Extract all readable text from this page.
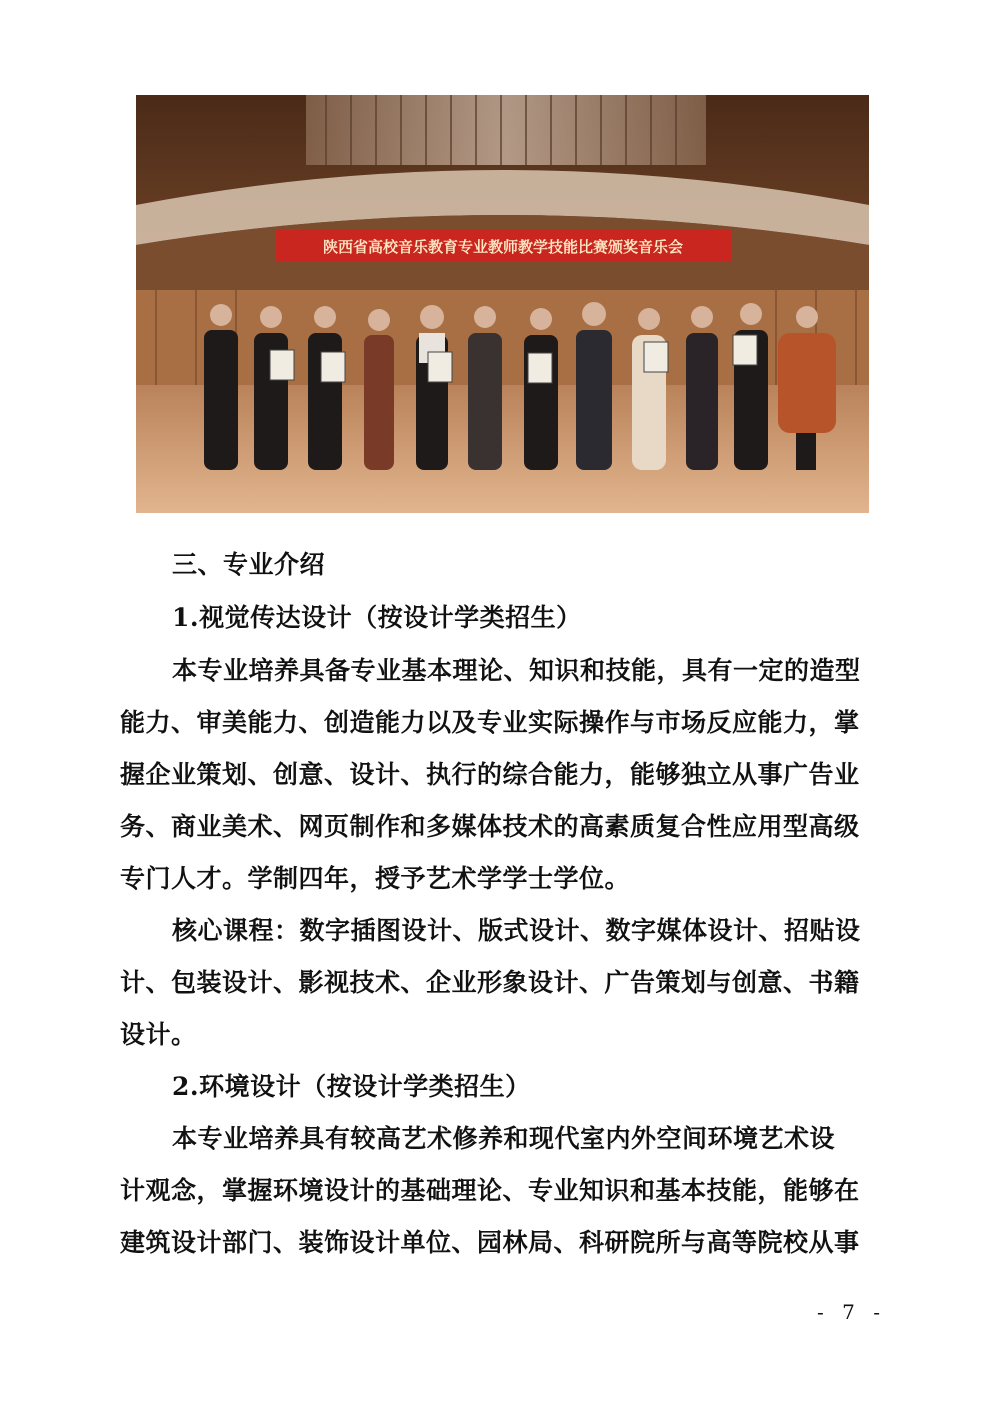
陕西省高校音乐教育专业教师教学技能比赛颁奖音乐会
三、专业介绍
1.视觉传达设计（按设计学类招生）
本专业培养具备专业基本理论、知识和技能，具有一定的造型
能力、审美能力、创造能力以及专业实际操作与市场反应能力，掌
握企业策划、创意、设计、执行的综合能力，能够独立从事广告业
务、商业美术、网页制作和多媒体技术的高素质复合性应用型高级
专门人才。学制四年，授予艺术学学士学位。
核心课程：数字插图设计、版式设计、数字媒体设计、招贴设
计、包装设计、影视技术、企业形象设计、广告策划与创意、书籍
设计。
2.环境设计（按设计学类招生）
本专业培养具有较高艺术修养和现代室内外空间环境艺术设
计观念，掌握环境设计的基础理论、专业知识和基本技能，能够在
建筑设计部门、装饰设计单位、园林局、科研院所与高等院校从事
- 7 -
